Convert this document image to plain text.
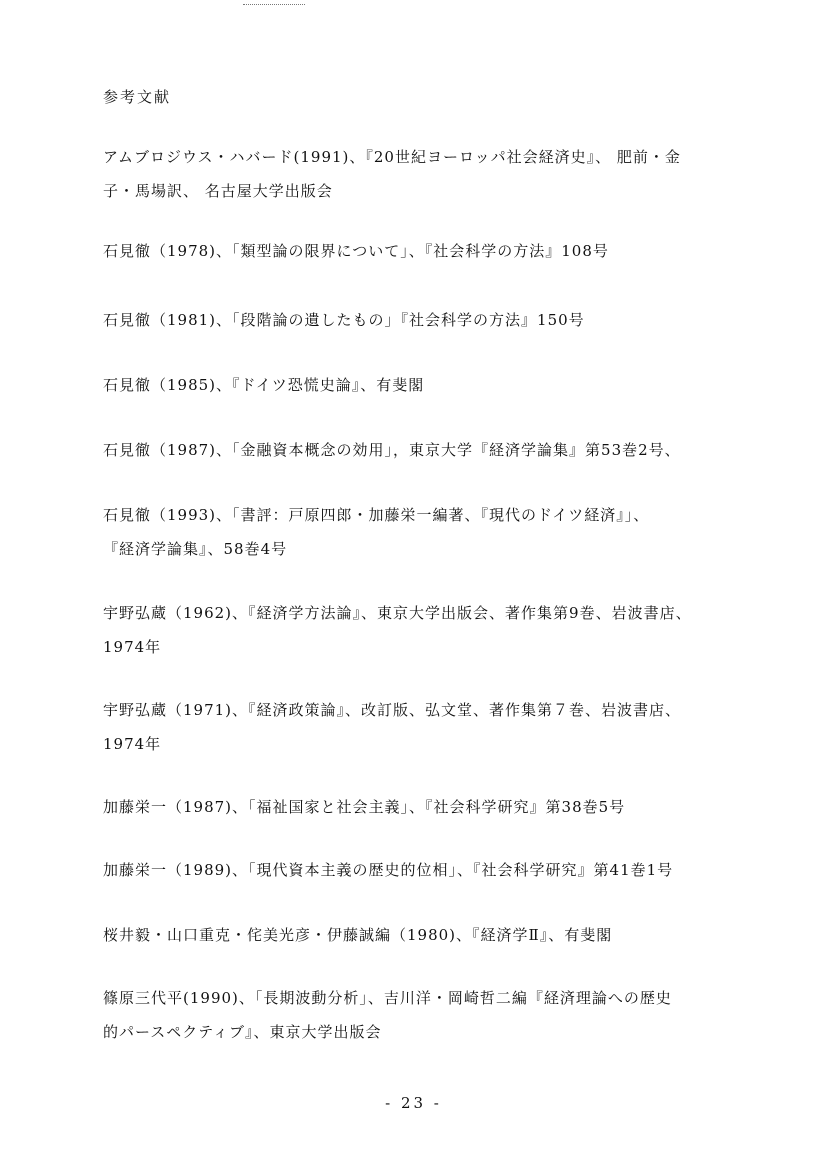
参考文献
アムブロジウス・ハバード(1991)、『20世紀ヨーロッパ社会経済史』、 肥前・金
子・馬場訳、 名古屋大学出版会
石見徹（1978)、「類型論の限界について」、『社会科学の方法』108号
石見徹（1981)、「段階論の遺したもの」『社会科学の方法』150号
石見徹（1985)、『ドイツ恐慌史論』、有斐閣
石見徹（1987)、「金融資本概念の効用」，東京大学『経済学論集』第53巻2号、
石見徹（1993)、「書評：戸原四郎・加藤栄一編著、『現代のドイツ経済』」、
『経済学論集』、58巻4号
宇野弘蔵（1962)、『経済学方法論』、東京大学出版会、著作集第9巻、岩波書店、
1974年
宇野弘蔵（1971)、『経済政策論』、改訂版、弘文堂、著作集第７巻、岩波書店、
1974年
加藤栄一（1987)、「福祉国家と社会主義」、『社会科学研究』第38巻5号
加藤栄一（1989)、「現代資本主義の歴史的位相」、『社会科学研究』第41巻1号
桜井毅・山口重克・侘美光彦・伊藤誠編（1980)、『経済学Ⅱ』、有斐閣
篠原三代平(1990)、「長期波動分析」、吉川洋・岡崎哲二編『経済理論への歴史
的パースペクティブ』、東京大学出版会
- 23 -
